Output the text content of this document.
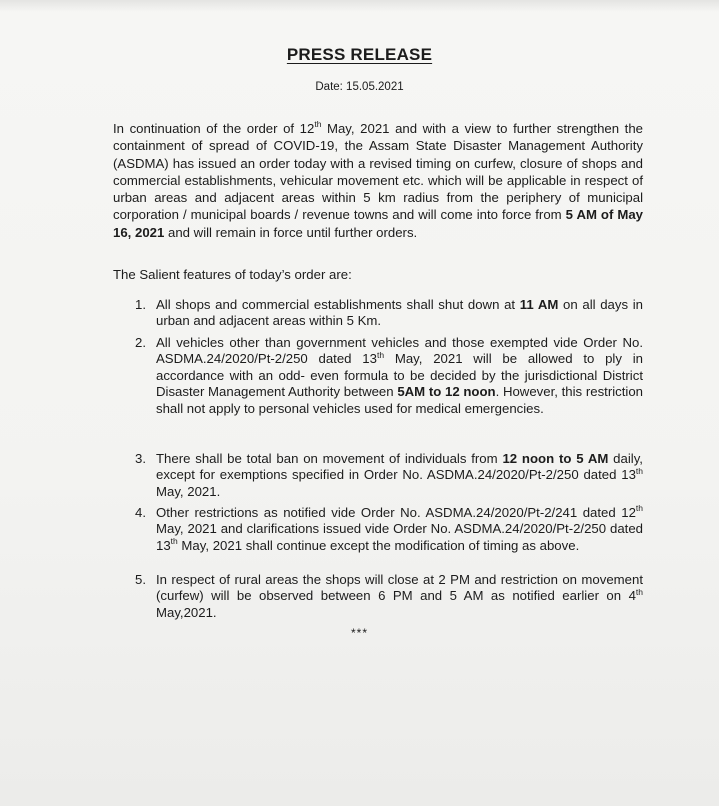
PRESS RELEASE
Date: 15.05.2021
In continuation of the order of 12th May, 2021 and with a view to further strengthen the containment of spread of COVID-19, the Assam State Disaster Management Authority (ASDMA) has issued an order today with a revised timing on curfew, closure of shops and commercial establishments, vehicular movement etc. which will be applicable in respect of urban areas and adjacent areas within 5 km radius from the periphery of municipal corporation / municipal boards / revenue towns and will come into force from 5 AM of May 16, 2021 and will remain in force until further orders.
The Salient features of today’s order are:
1. All shops and commercial establishments shall shut down at 11 AM on all days in urban and adjacent areas within 5 Km.
2. All vehicles other than government vehicles and those exempted vide Order No. ASDMA.24/2020/Pt-2/250 dated 13th May, 2021 will be allowed to ply in accordance with an odd- even formula to be decided by the jurisdictional District Disaster Management Authority between 5AM to 12 noon. However, this restriction shall not apply to personal vehicles used for medical emergencies.
3. There shall be total ban on movement of individuals from 12 noon to 5 AM daily, except for exemptions specified in Order No. ASDMA.24/2020/Pt-2/250 dated 13th May, 2021.
4. Other restrictions as notified vide Order No. ASDMA.24/2020/Pt-2/241 dated 12th May, 2021 and clarifications issued vide Order No. ASDMA.24/2020/Pt-2/250 dated 13th May, 2021 shall continue except the modification of timing as above.
5. In respect of rural areas the shops will close at 2 PM and restriction on movement (curfew) will be observed between 6 PM and 5 AM as notified earlier on 4th May,2021.
***
